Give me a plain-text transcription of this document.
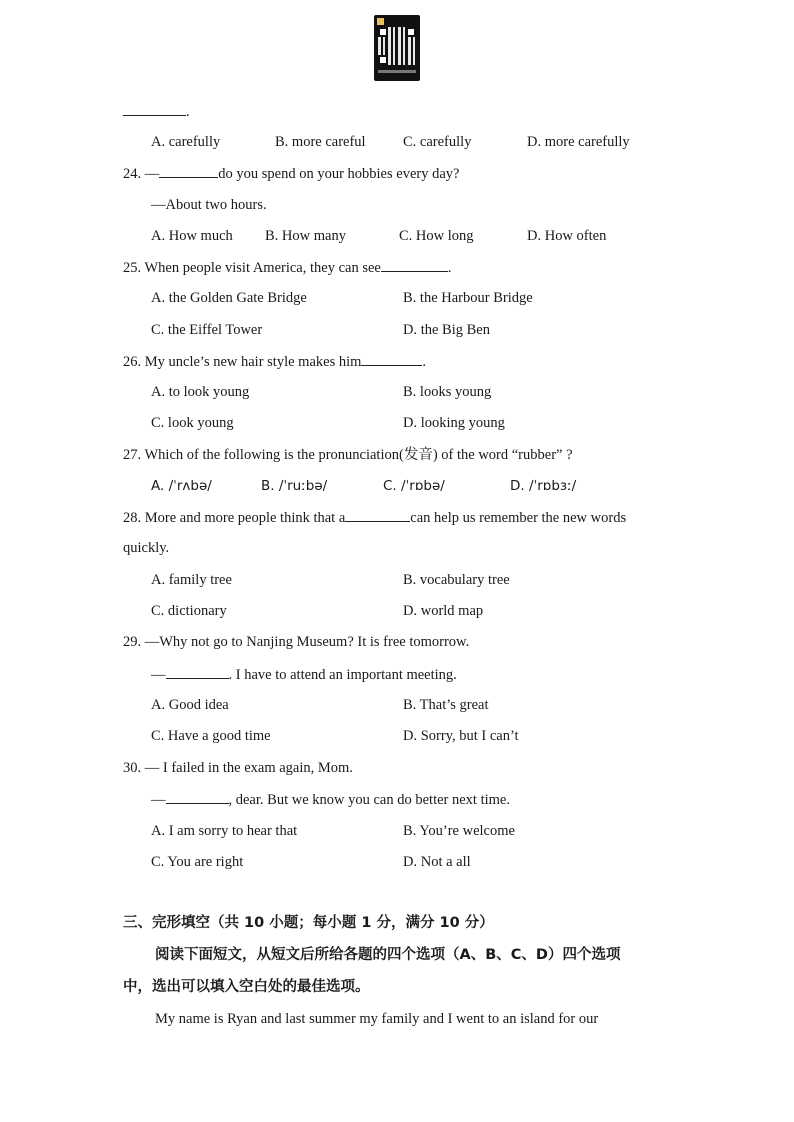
.
A. carefully	B. more careful	C. carefully	D. more carefully
24. —	do you spend on your hobbies every day?
—About two hours.
A. How much B. How many	C. How long	D. How often
25. When people visit America, they can see	.
A. the Golden Gate Bridge	B. the Harbour Bridge
C. the Eiffel Tower	D. the Big Ben
26. My uncle’s new hair style makes him	.
A. to look young	B. looks young
C. look young	D. looking young
27. Which of the following is the pronunciation(发音) of the word “rubber” ?
A. /ˈrʌbə/	B. /ˈruːbə/	C. /ˈrɒbə/	D. /ˈrɒbɜː/
28. More and more people think that a	can help us remember the new words
quickly.
A. family tree	B. vocabulary tree
C. dictionary	D. world map
29. —Why not go to Nanjing Museum? It is free tomorrow.
—	. I have to attend an important meeting.
A. Good idea	B. That’s great
C. Have a good time	D. Sorry, but I can’t
30. — I failed in the exam again, Mom.
—	, dear. But we know you can do better next time.
A. I am sorry to hear that	B. You’re welcome
C. You are right	D. Not a all
三、完形填空（共 10 小题；每小题 1 分，满分 10 分）
阅读下面短文，从短文后所给各题的四个选项（A、B、C、D）四个选项
中，选出可以填入空白处的最佳选项。
My name is Ryan and last summer my family and I went to an island for our
